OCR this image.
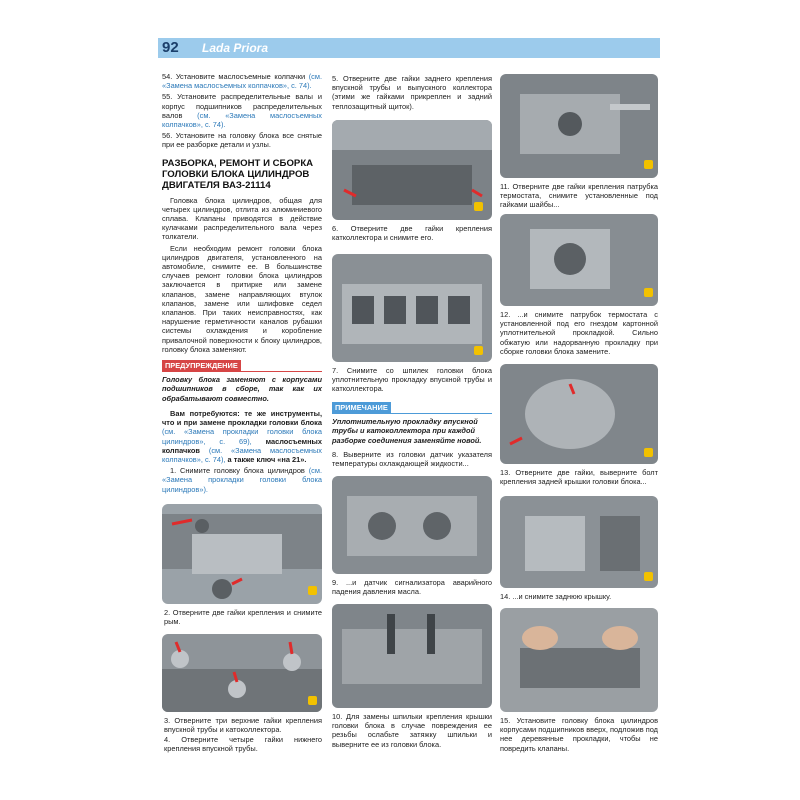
92 Lada Priora

54. Установите маслосъемные колпачки (см. «Замена маслосъемных колпачков», с. 74).

55. Установите распределительные валы и корпус подшипников распределительных валов (см. «Замена маслосъемных колпачков», с. 74).

56. Установите на головку блока все снятые при ее разборке детали и узлы.

РАЗБОРКА, РЕМОНТ И СБОРКА ГОЛОВКИ БЛОКА ЦИЛИНДРОВ ДВИГАТЕЛЯ ВАЗ-21114

Головка блока цилиндров, общая для четырех цилиндров, отлита из алюминиевого сплава. Клапаны приводятся в действие кулачками распределительного вала через толкатели.

Если необходим ремонт головки блока цилиндров двигателя, установленного на автомобиле, снимите ее. В большинстве случаев ремонт головки блока цилиндров заключается в притирке или замене клапанов, замене направляющих втулок клапанов, замене или шлифовке седел клапанов. При таких неисправностях, как нарушение герметичности каналов рубашки системы охлаждения и коробление привалочной поверхности к блоку цилиндров, головку блока заменяют.

ПРЕДУПРЕЖДЕНИЕ

Головку блока заменяют с корпусами подшипников в сборе, так как их обрабатывают совместно.

Вам потребуются: те же инструменты, что и при замене прокладки головки блока (см. «Замена прокладки головки блока цилиндров», с. 69), маслосъемных колпачков (см. «Замена маслосъемных колпачков», с. 74), а также ключ «на 21».

1. Снимите головку блока цилиндров (см. «Замена прокладки головки блока цилиндров»).

2. Отверните две гайки крепления и снимите рым.
3. Отверните три верхние гайки крепления впускной трубы и катоколлектора.
4. Отверните четыре гайки нижнего крепления впускной трубы.
5. Отверните две гайки заднего крепления впускной трубы и выпускного коллектора (этими же гайками прикреплен и задний теплозащитный щиток).
6. Отверните две гайки крепления катколлектора и снимите его.
7. Снимите со шпилек головки блока уплотнительную прокладку впускной трубы и катколлектора.
ПРИМЕЧАНИЕ

Уплотнительную прокладку впускной трубы и катоколлектора при каждой разборке соединения заменяйте новой.

8. Выверните из головки датчик указателя температуры охлаждающей жидкости...
9. ...и датчик сигнализатора аварийного падения давления масла.
10. Для замены шпильки крепления крышки головки блока в случае повреждения ее резьбы ослабьте затяжку шпильки и выверните ее из головки блока.
11. Отверните две гайки крепления патрубка термостата, снимите установленные под гайками шайбы...
12. ...и снимите патрубок термостата с установленной под его гнездом картонной уплотнительной прокладкой. Сильно обжатую или надорванную прокладку при сборке головки блока замените.
13. Отверните две гайки, выверните болт крепления задней крышки головки блока...
14. ...и снимите заднюю крышку.
15. Установите головку блока цилиндров корпусами подшипников вверх, подложив под нее деревянные прокладки, чтобы не повредить клапаны.
